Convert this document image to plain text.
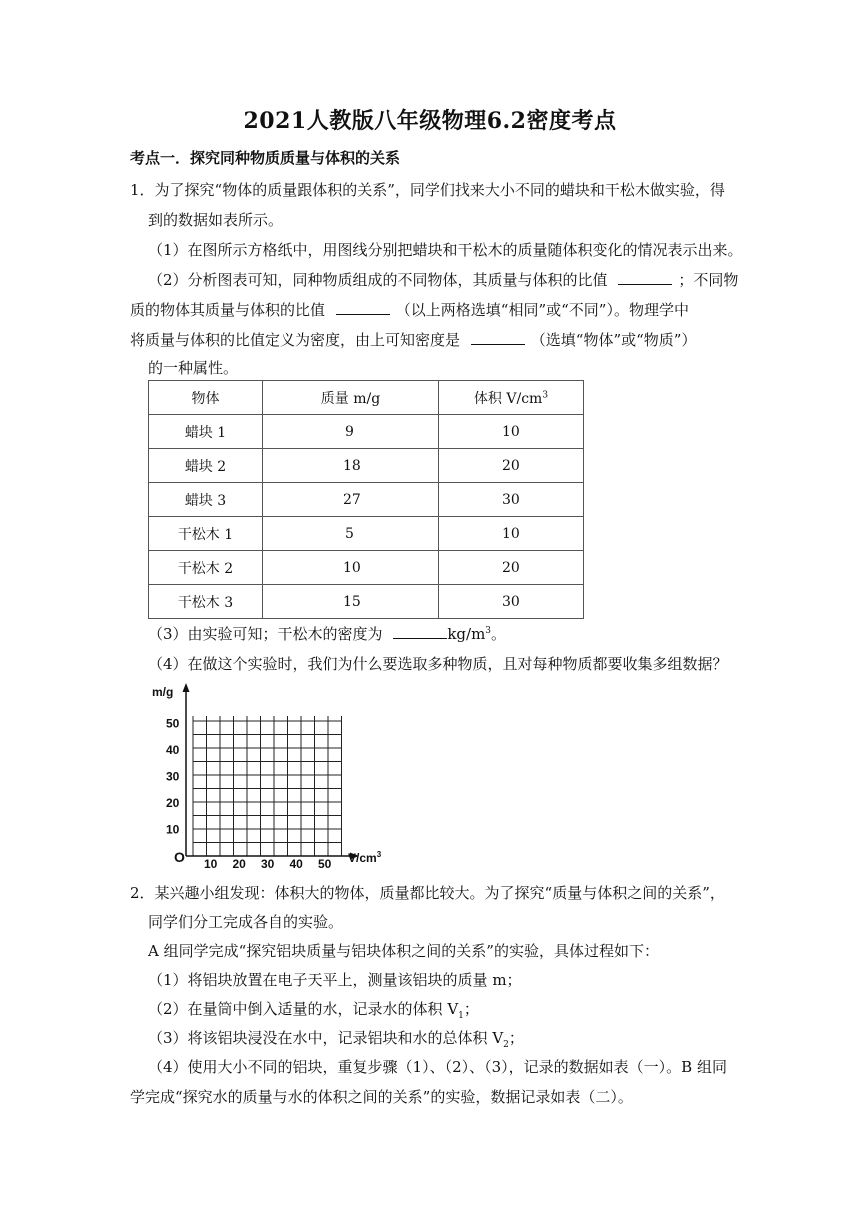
2021人教版八年级物理6.2密度考点
考点一．探究同种物质质量与体积的关系
1．为了探究“物体的质量跟体积的关系”，同学们找来大小不同的蜡块和干松木做实验，得
到的数据如表所示。
（1）在图所示方格纸中，用图线分别把蜡块和干松木的质量随体积变化的情况表示出来。
（2）分析图表可知，同种物质组成的不同物体，其质量与体积的比值	；不同物
质的物体其质量与体积的比值	（以上两格选填“相同”或“不同”）。物理学中
将质量与体积的比值定义为密度，由上可知密度是	（选填“物体”或“物质”）
的一种属性。
物体	质量 m/g	体积 $V/cm^3$
蜡块 1	9	10
蜡块 2	18	20
蜡块 3	27	30
干松木 1	5	10
干松木 2	10	20
干松木 3	15	30
（3）由实验可知；干松木的密度为	$kg/m^3$。
（4）在做这个实验时，我们为什么要选取多种物质，且对每种物质都要收集多组数据？
m/g
O	$V/cm^3$
10
20
30
40
50
10 20 30 40 50
2．某兴趣小组发现：体积大的物体，质量都比较大。为了探究“质量与体积之间的关系”，
同学们分工完成各自的实验。
A 组同学完成“探究铝块质量与铝块体积之间的关系”的实验，具体过程如下：
（1）将铝块放置在电子天平上，测量该铝块的质量 m；
（2）在量筒中倒入适量的水，记录水的体积 $V_1$；
（3）将该铝块浸没在水中，记录铝块和水的总体积 $V_2$；
（4）使用大小不同的铝块，重复步骤（1）、（2）、（3），记录的数据如表（一）。B 组同
学完成“探究水的质量与水的体积之间的关系”的实验，数据记录如表（二）。
